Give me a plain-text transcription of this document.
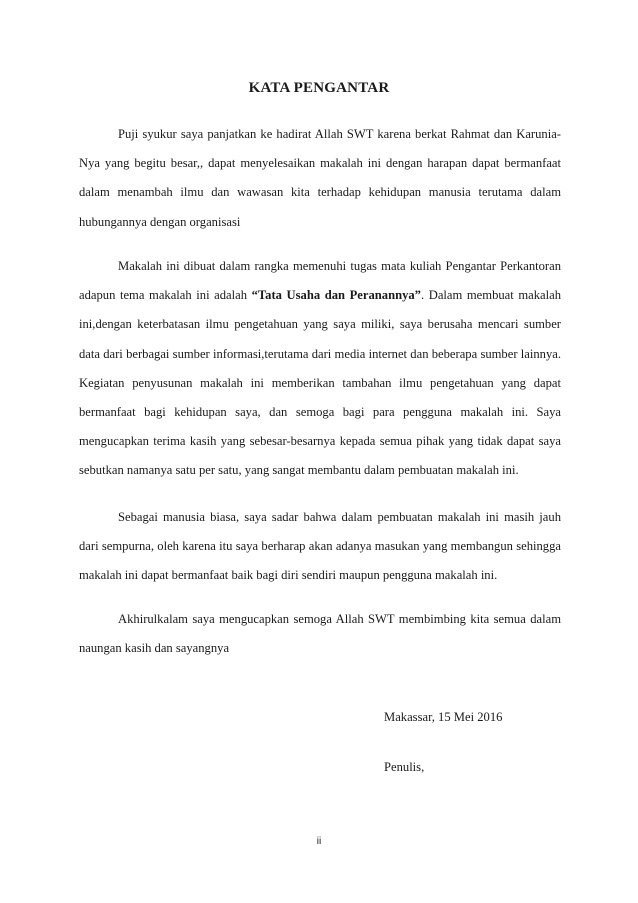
KATA PENGANTAR

Puji syukur saya panjatkan ke hadirat Allah SWT karena berkat Rahmat dan Karunia-Nya yang begitu besar,, dapat menyelesaikan makalah ini dengan harapan dapat bermanfaat dalam menambah ilmu dan wawasan kita terhadap kehidupan manusia terutama dalam hubungannya dengan organisasi

Makalah ini dibuat dalam rangka memenuhi tugas mata kuliah Pengantar Perkantoran adapun tema makalah ini adalah “Tata Usaha dan Peranannya”. Dalam membuat makalah ini,dengan keterbatasan ilmu pengetahuan yang saya miliki, saya berusaha mencari sumber data dari berbagai sumber informasi,terutama dari media internet dan beberapa sumber lainnya. Kegiatan penyusunan makalah ini memberikan tambahan ilmu pengetahuan yang dapat bermanfaat bagi kehidupan saya, dan semoga bagi para pengguna makalah ini. Saya mengucapkan terima kasih yang sebesar-besarnya kepada semua pihak yang tidak dapat saya sebutkan namanya satu per satu, yang sangat membantu dalam pembuatan makalah ini.

Sebagai manusia biasa, saya sadar bahwa dalam pembuatan makalah ini masih jauh dari sempurna, oleh karena itu saya berharap akan adanya masukan yang membangun sehingga makalah ini dapat bermanfaat baik bagi diri sendiri maupun pengguna makalah ini.

Akhirulkalam saya mengucapkan semoga Allah SWT membimbing kita semua dalam naungan kasih dan sayangnya

Makassar, 15 Mei 2016
Penulis,
ii
